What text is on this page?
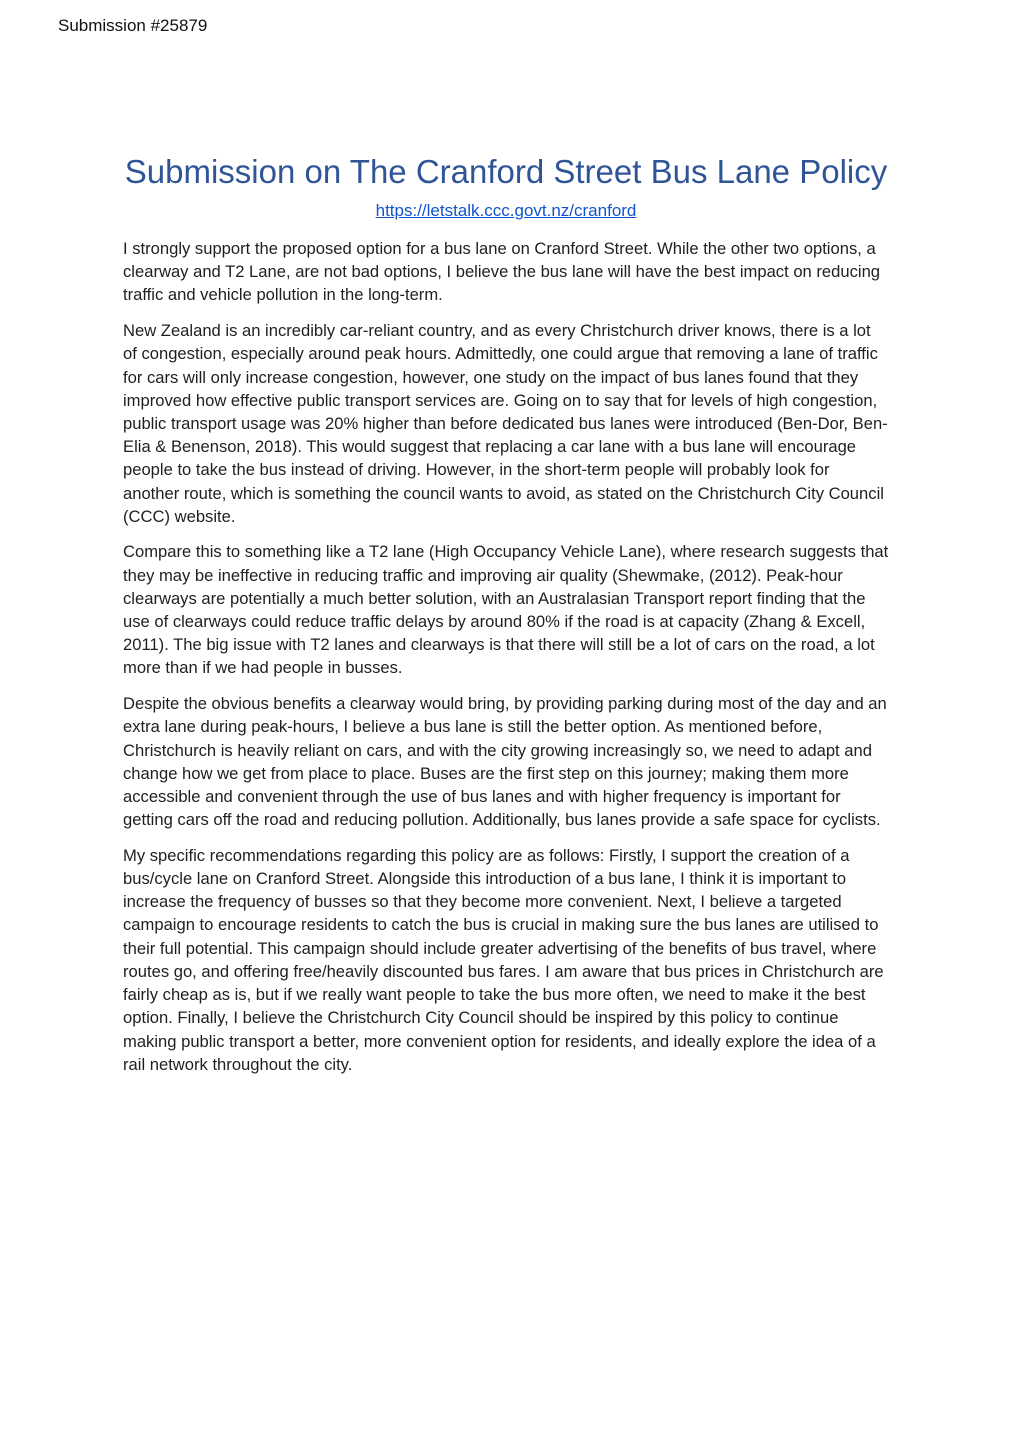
Submission #25879

Submission on The Cranford Street Bus Lane Policy
https://letstalk.ccc.govt.nz/cranford

I strongly support the proposed option for a bus lane on Cranford Street. While the other two options, a clearway and T2 Lane, are not bad options, I believe the bus lane will have the best impact on reducing traffic and vehicle pollution in the long-term.

New Zealand is an incredibly car-reliant country, and as every Christchurch driver knows, there is a lot of congestion, especially around peak hours. Admittedly, one could argue that removing a lane of traffic for cars will only increase congestion, however, one study on the impact of bus lanes found that they improved how effective public transport services are. Going on to say that for levels of high congestion, public transport usage was 20% higher than before dedicated bus lanes were introduced (Ben-Dor, Ben-Elia & Benenson, 2018). This would suggest that replacing a car lane with a bus lane will encourage people to take the bus instead of driving. However, in the short-term people will probably look for another route, which is something the council wants to avoid, as stated on the Christchurch City Council (CCC) website.

Compare this to something like a T2 lane (High Occupancy Vehicle Lane), where research suggests that they may be ineffective in reducing traffic and improving air quality (Shewmake, (2012). Peak-hour clearways are potentially a much better solution, with an Australasian Transport report finding that the use of clearways could reduce traffic delays by around 80% if the road is at capacity (Zhang & Excell, 2011). The big issue with T2 lanes and clearways is that there will still be a lot of cars on the road, a lot more than if we had people in busses.

Despite the obvious benefits a clearway would bring, by providing parking during most of the day and an extra lane during peak-hours, I believe a bus lane is still the better option. As mentioned before, Christchurch is heavily reliant on cars, and with the city growing increasingly so, we need to adapt and change how we get from place to place. Buses are the first step on this journey; making them more accessible and convenient through the use of bus lanes and with higher frequency is important for getting cars off the road and reducing pollution. Additionally, bus lanes provide a safe space for cyclists.

My specific recommendations regarding this policy are as follows: Firstly, I support the creation of a bus/cycle lane on Cranford Street. Alongside this introduction of a bus lane, I think it is important to increase the frequency of busses so that they become more convenient. Next, I believe a targeted campaign to encourage residents to catch the bus is crucial in making sure the bus lanes are utilised to their full potential. This campaign should include greater advertising of the benefits of bus travel, where routes go, and offering free/heavily discounted bus fares. I am aware that bus prices in Christchurch are fairly cheap as is, but if we really want people to take the bus more often, we need to make it the best option. Finally, I believe the Christchurch City Council should be inspired by this policy to continue making public transport a better, more convenient option for residents, and ideally explore the idea of a rail network throughout the city.
